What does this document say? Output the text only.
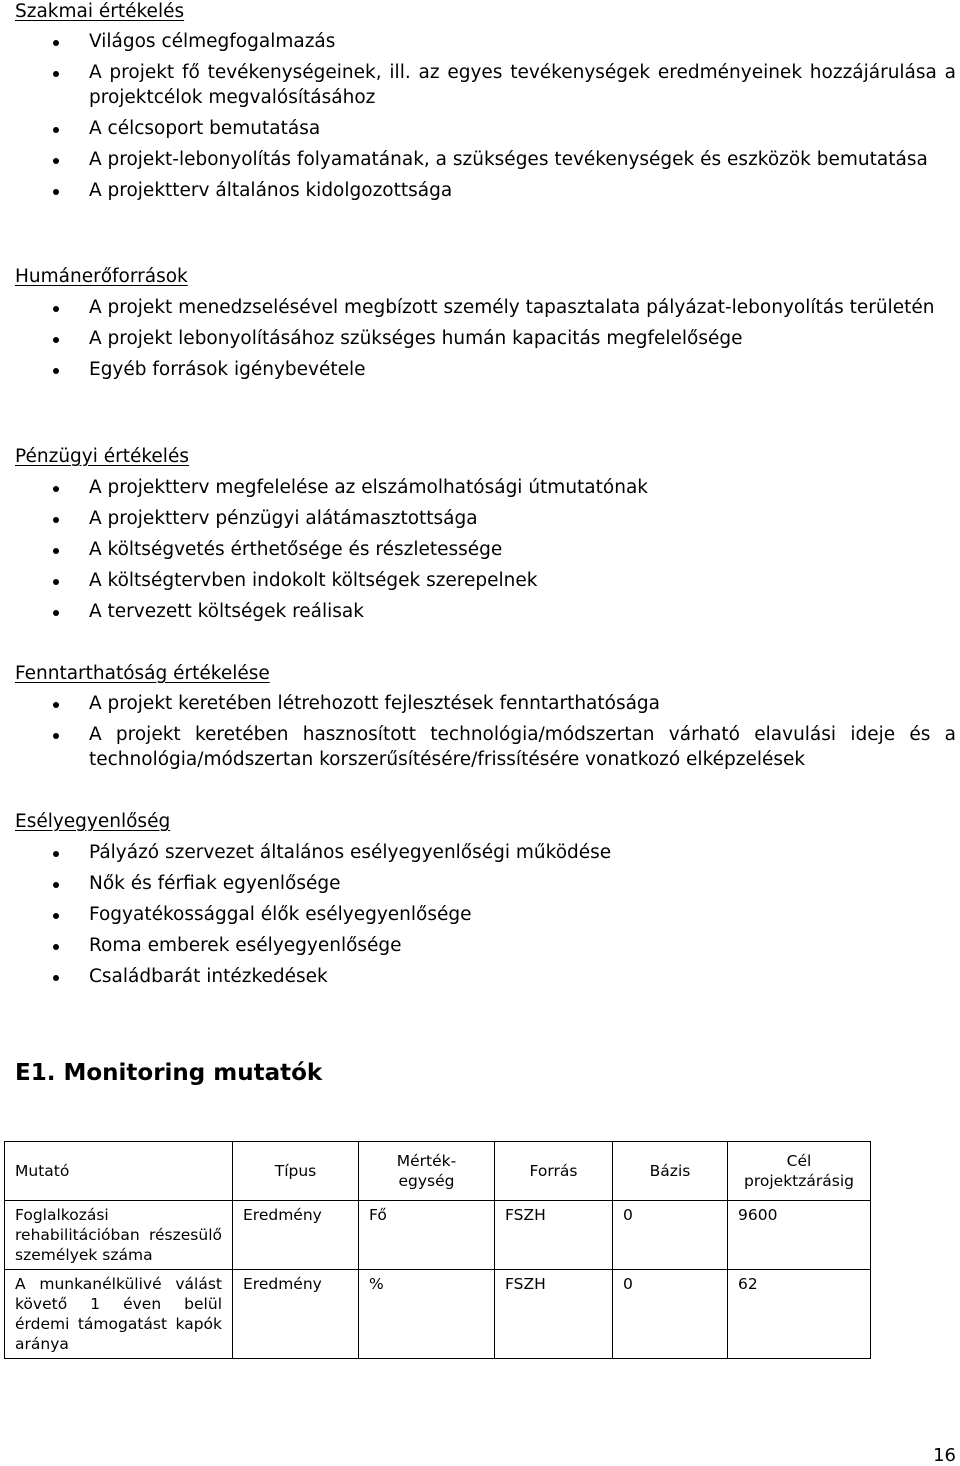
Szakmai értékelés
Világos célmegfogalmazás
A projekt fő tevékenységeinek, ill. az egyes tevékenységek eredményeinek hozzájárulása a projektcélok megvalósításához
A célcsoport bemutatása
A projekt-lebonyolítás folyamatának, a szükséges tevékenységek és eszközök bemutatása
A projektterv általános kidolgozottsága
Humánerőforrások
A projekt menedzselésével megbízott személy tapasztalata pályázat-lebonyolítás területén
A projekt lebonyolításához szükséges humán kapacitás megfelelősége
Egyéb források igénybevétele
Pénzügyi értékelés
A projektterv megfelelése az elszámolhatósági útmutatónak
A projektterv pénzügyi alátámasztottsága
A költségvetés érthetősége és részletessége
A költségtervben indokolt költségek szerepelnek
A tervezett költségek reálisak
Fenntarthatóság értékelése
A projekt keretében létrehozott fejlesztések fenntarthatósága
A projekt keretében hasznosított technológia/módszertan várható elavulási ideje és a technológia/módszertan korszerűsítésére/frissítésére vonatkozó elképzelések
Esélyegyenlőség
Pályázó szervezet általános esélyegyenlőségi működése
Nők és férfiak egyenlősége
Fogyatékossággal élők esélyegyenlősége
Roma emberek esélyegyenlősége
Családbarát intézkedések
E1. Monitoring mutatók
Mutató	Típus	Mérték-egység	Forrás	Bázis	Cél projektzárásig
Foglalkozási rehabilitációban részesülő személyek száma	Eredmény	Fő	FSZH	0	9600
A munkanélkülivé válást követő 1 éven belül érdemi támogatást kapók aránya	Eredmény	%	FSZH	0	62
16
